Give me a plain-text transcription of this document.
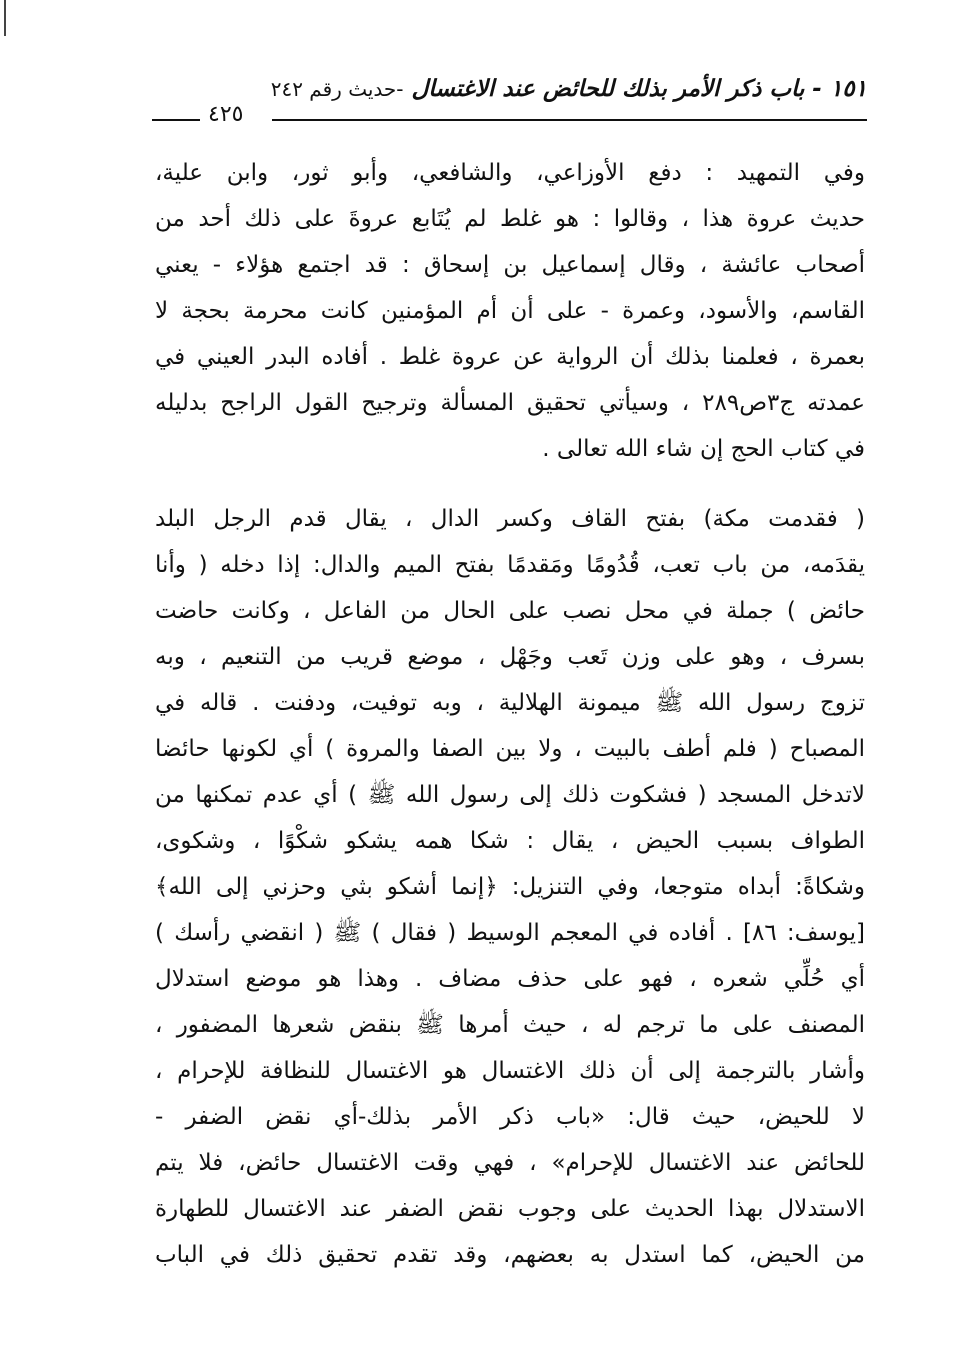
١٥١ - باب ذكر الأمر بذلك للحائض عند الاغتسال -حديث رقم ٢٤٢
٤٢٥
وفي التمهيد : دفع الأوزاعي، والشافعي، وأبو ثور، وابن علية،
حديث عروة هذا ، وقالوا : هو غلط لم يُتَابع عروةَ على ذلك أحد من
أصحاب عائشة ، وقال إسماعيل بن إسحاق : قد اجتمع هؤلاء - يعني
القاسم، والأسود، وعمرة - على أن أم المؤمنين كانت محرمة بحجة لا
بعمرة ، فعلمنا بذلك أن الرواية عن عروة غلط . أفاده البدر العيني في
عمدته ج٣ص٢٨٩ ، وسيأتي تحقيق المسألة وترجيح القول الراجح بدليله
في كتاب الحج إن شاء الله تعالى .
( فقدمت مكة) بفتح القاف وكسر الدال ، يقال قدم الرجل البلد
يقدَمه، من باب تعب، قُدُومًا ومَقدمًا بفتح الميم والدال: إذا دخله ( وأنا
حائض ) جملة في محل نصب على الحال من الفاعل ، وكانت حاضت
بسرف ، وهو على وزن تَعب وجَهْل ، موضع قريب من التنعيم ، وبه
تزوج رسول الله ﷺ ميمونة الهلالية ، وبه توفيت، ودفنت . قاله في
المصباح ( فلم أطف بالبيت ، ولا بين الصفا والمروة ) أي لكونها حائضا
لاتدخل المسجد ( فشكوت ذلك إلى رسول الله ﷺ ) أي عدم تمكنها من
الطواف بسبب الحيض ، يقال : شكا همه يشكو شكْوًا ، وشكوى،
وشكاةً: أبداه متوجعا، وفي التنزيل: ﴿إنما أشكو بثي وحزني إلى الله﴾
[يوسف: ٨٦] . أفاده في المعجم الوسيط ( فقال ) ﷺ ( انقضي رأسك )
أي حُلِّي شعره ، فهو على حذف مضاف . وهذا هو موضع استدلال
المصنف على ما ترجم له ، حيث أمرها ﷺ بنقض شعرها المضفور ،
وأشار بالترجمة إلى أن ذلك الاغتسال هو الاغتسال للنظافة للإحرام ،
لا للحيض، حيث قال: «باب ذكر الأمر بذلك-أي نقض الضفر -
للحائض عند الاغتسال للإحرام» ، فهي وقت الاغتسال حائض، فلا يتم
الاستدلال بهذا الحديث على وجوب نقض الضفر عند الاغتسال للطهارة
من الحيض، كما استدل به بعضهم، وقد تقدم تحقيق ذلك في الباب
